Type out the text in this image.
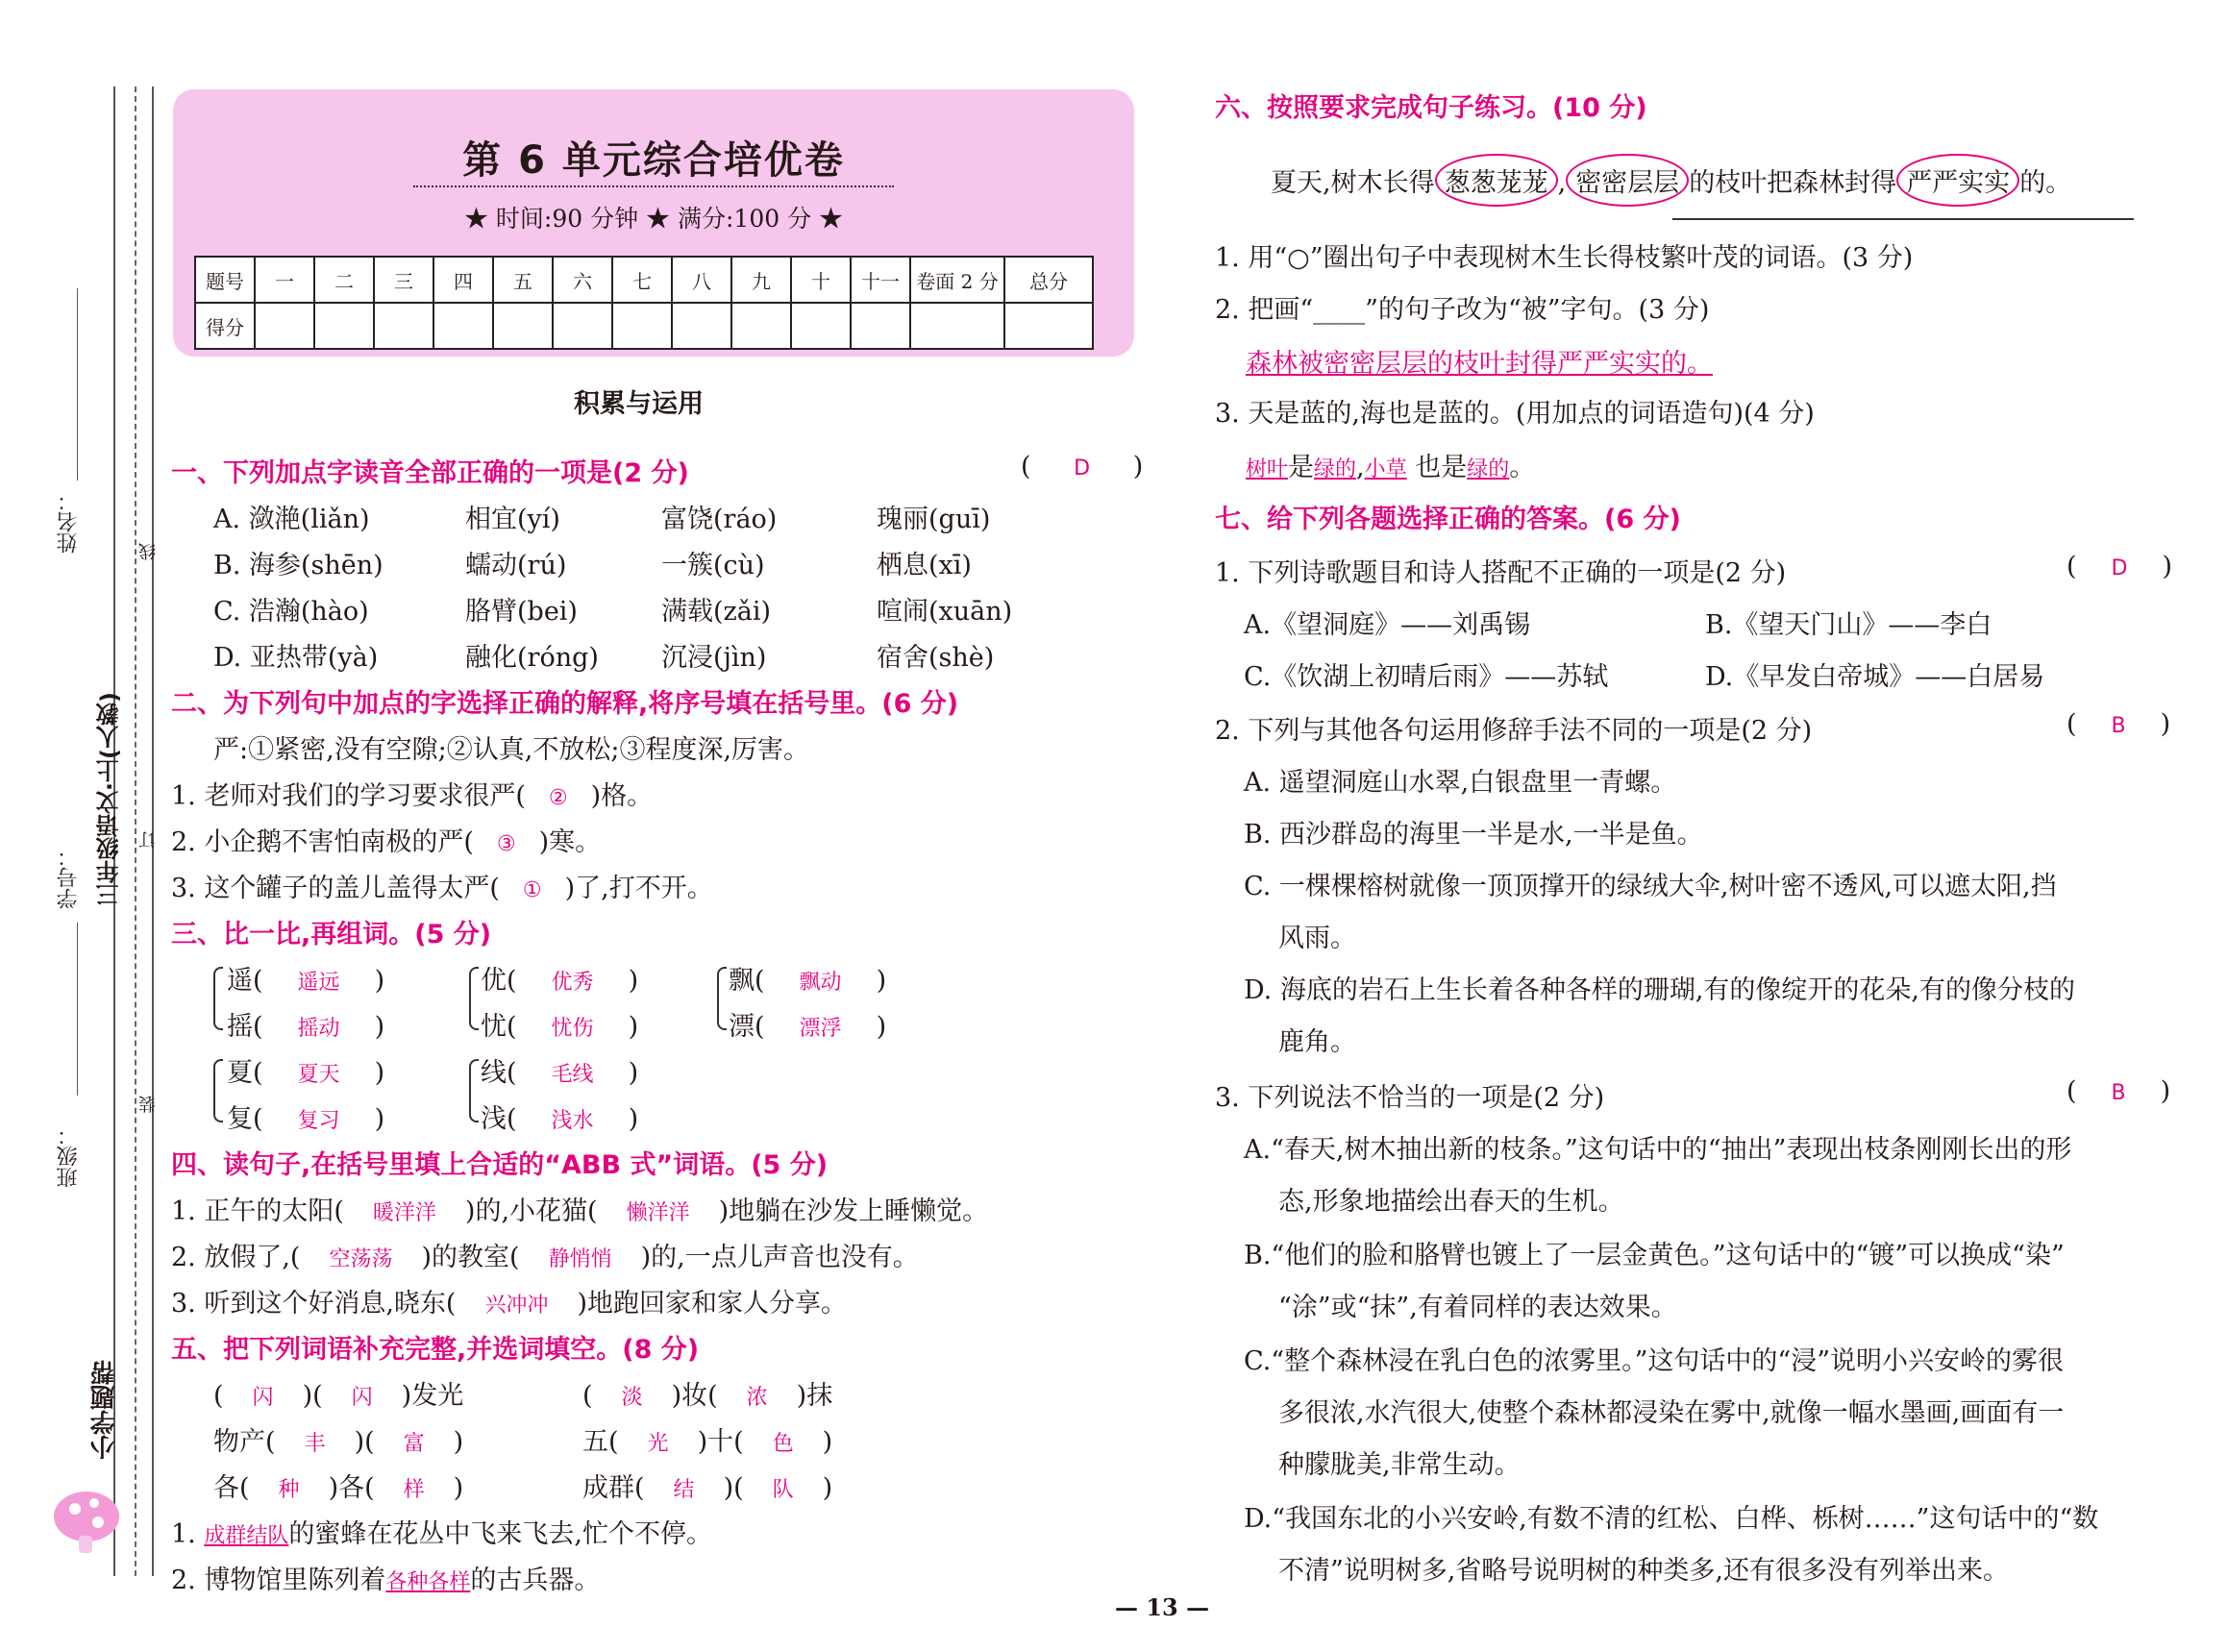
姓名：	线
学号： 三年级语文·上(人教) 订
班级：
装
小学题帮
第 6 单元综合培优卷
★ 时间:90 分钟 ★ 满分:100 分 ★
题号	一	二	三	四	五	六	七	八	九	十	十一	卷面 2 分	总分
得分													
积累与运用
一、下列加点字读音全部正确的一项是(2 分)	( D )
A. 潋滟(liǎn)	相宜(yí)	富饶(ráo)	瑰丽(guī)
B. 海参(shēn)	蠕动(rú)	一簇(cù)	栖息(xī)
C. 浩瀚(hào)	胳臂(bei)	满载(zǎi)	喧闹(xuān)
D. 亚热带(yà)	融化(róng) 沉浸(jìn)	宿舍(shè)
二、为下列句中加点的字选择正确的解释,将序号填在括号里。(6 分)
严:①紧密,没有空隙;②认真,不放松;③程度深,厉害。
1. 老师对我们的学习要求很严( ② )格。
2. 小企鹅不害怕南极的严( ③ )寒。
3. 这个罐子的盖儿盖得太严( ① )了,打不开。
三、比一比,再组词。(5 分)
遥( 遥远 )
摇( 摇动 )
优( 优秀 )
忧( 忧伤 )
飘( 飘动 )
漂( 漂浮 )
夏( 夏天 )
复( 复习 )
线( 毛线 )
浅( 浅水 )
四、读句子,在括号里填上合适的“ABB 式”词语。(5 分)
1. 正午的太阳( 暖洋洋 )的,小花猫( 懒洋洋 )地躺在沙发上睡懒觉。
2. 放假了,( 空荡荡 )的教室( 静悄悄 )的,一点儿声音也没有。
3. 听到这个好消息,晓东( 兴冲冲 )地跑回家和家人分享。
五、把下列词语补充完整,并选词填空。(8 分)
( 闪 )( 闪 )发光	( 淡 )妆( 浓 )抹
物产( 丰 )( 富 )	五( 光 )十( 色 )
各( 种 )各( 样 )	成群( 结 )( 队 )
1. 成群结队的蜜蜂在花丛中飞来飞去,忙个不停。
2. 博物馆里陈列着各种各样的古兵器。
六、按照要求完成句子练习。(10 分)
夏天,树木长得 葱葱茏茏 , 密密层层 的枝叶把森林封得 严严实实 的。
1. 用“○”圈出句子中表现树木生长得枝繁叶茂的词语。(3 分)
2. 把画“____”的句子改为“被”字句。(3 分)
森林被密密层层的枝叶封得严严实实的。
3. 天是蓝的,海也是蓝的。(用加点的词语造句)(4 分)
树叶是绿的,小草 也是绿的。
七、给下列各题选择正确的答案。(6 分)
1. 下列诗歌题目和诗人搭配不正确的一项是(2 分)	( D )
A.《望洞庭》——刘禹锡	B.《望天门山》——李白
C.《饮湖上初晴后雨》——苏轼	D.《早发白帝城》——白居易
2. 下列与其他各句运用修辞手法不同的一项是(2 分)	( B )
A. 遥望洞庭山水翠,白银盘里一青螺。
B. 西沙群岛的海里一半是水,一半是鱼。
C. 一棵棵榕树就像一顶顶撑开的绿绒大伞,树叶密不透风,可以遮太阳,挡
风雨。
D. 海底的岩石上生长着各种各样的珊瑚,有的像绽开的花朵,有的像分枝的
鹿角。
3. 下列说法不恰当的一项是(2 分)	( B )
A.“春天,树木抽出新的枝条。”这句话中的“抽出”表现出枝条刚刚长出的形
态,形象地描绘出春天的生机。
B.“他们的脸和胳臂也镀上了一层金黄色。”这句话中的“镀”可以换成“染”
“涂”或“抹”,有着同样的表达效果。
C.“整个森林浸在乳白色的浓雾里。”这句话中的“浸”说明小兴安岭的雾很
多很浓,水汽很大,使整个森林都浸染在雾中,就像一幅水墨画,画面有一
种朦胧美,非常生动。
D.“我国东北的小兴安岭,有数不清的红松、白桦、栎树……”这句话中的“数
不清”说明树多,省略号说明树的种类多,还有很多没有列举出来。
— 13 —
